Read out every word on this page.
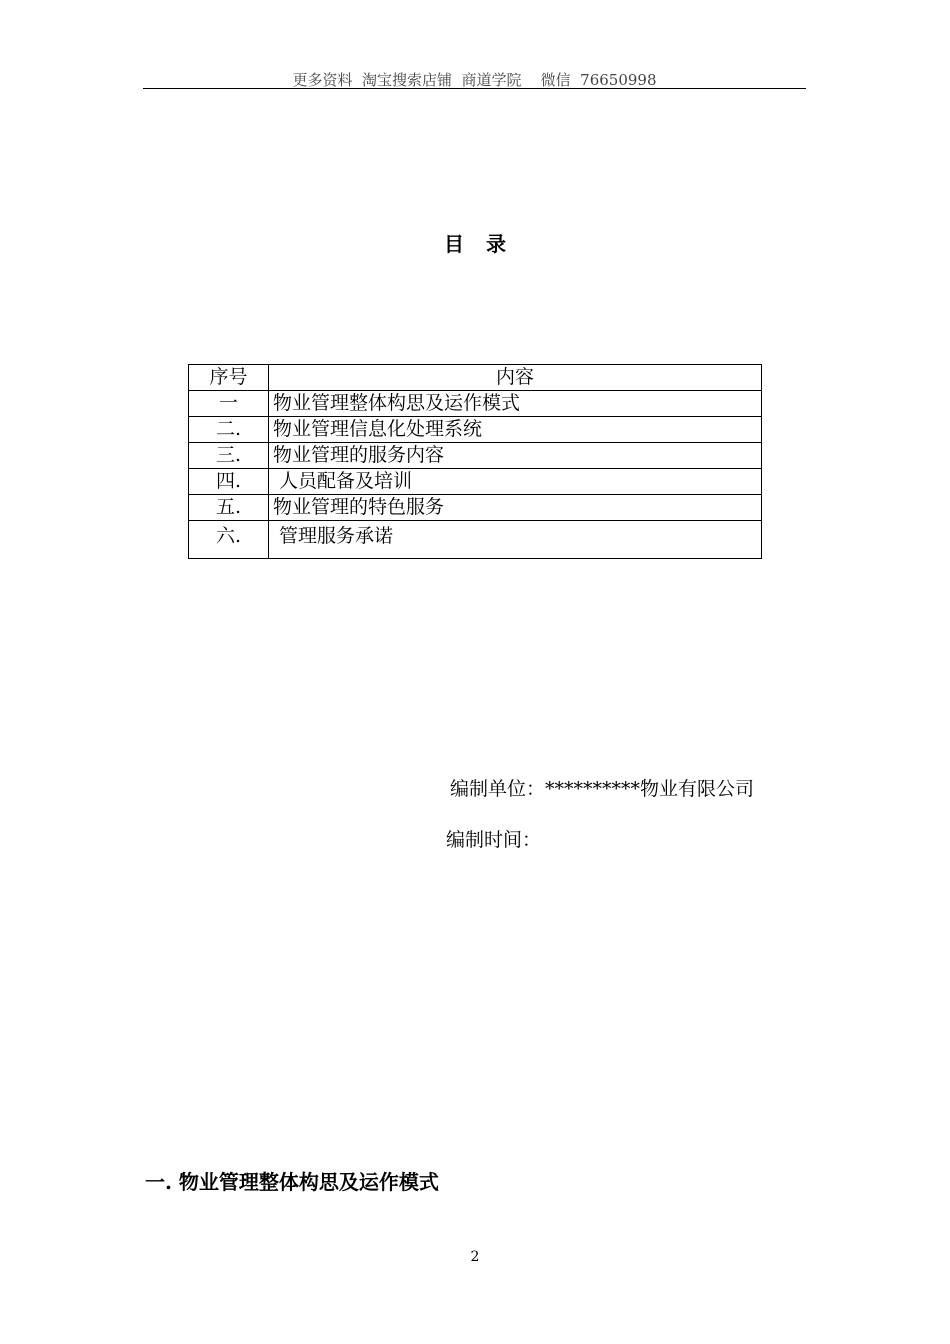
更多资料  淘宝搜索店铺  商道学院    微信  76650998
目录
序号	内容
一	物业管理整体构思及运作模式
二.	物业管理信息化处理系统
三.	物业管理的服务内容
四.	人员配备及培训
五.	物业管理的特色服务
六.	管理服务承诺
编制单位：**********物业有限公司
编制时间：
一. 物业管理整体构思及运作模式
2
